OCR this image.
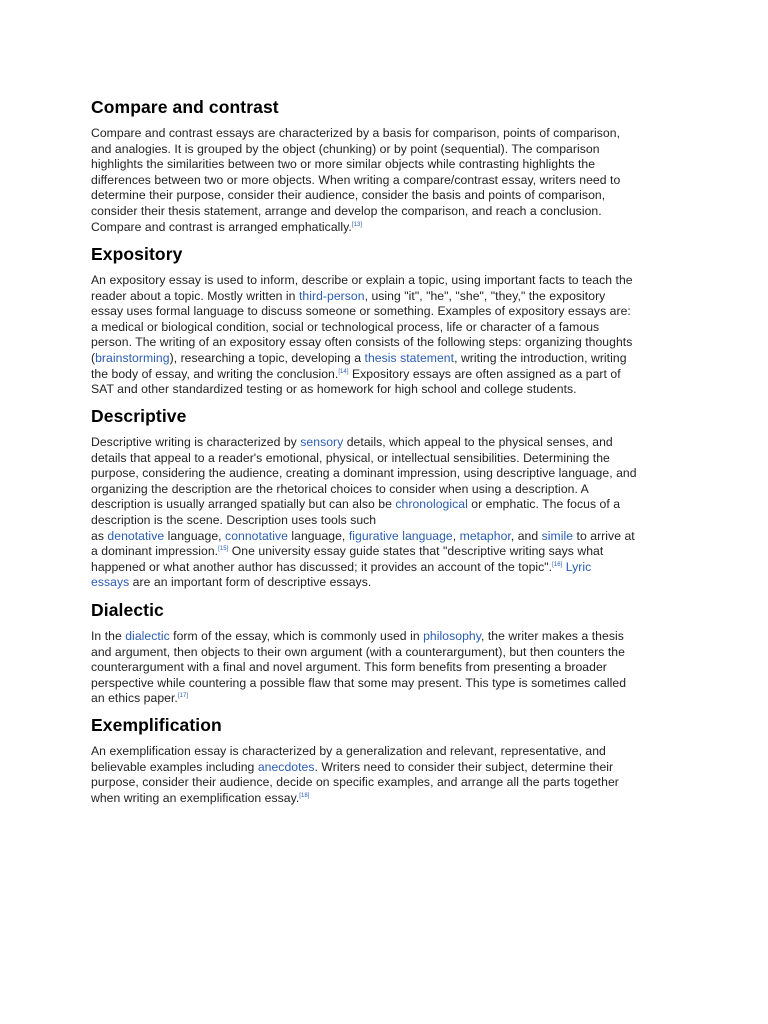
Compare and contrast

Compare and contrast essays are characterized by a basis for comparison, points of comparison,
and analogies. It is grouped by the object (chunking) or by point (sequential). The comparison
highlights the similarities between two or more similar objects while contrasting highlights the
differences between two or more objects. When writing a compare/contrast essay, writers need to
determine their purpose, consider their audience, consider the basis and points of comparison,
consider their thesis statement, arrange and develop the comparison, and reach a conclusion.
Compare and contrast is arranged emphatically.[13]

Expository

An expository essay is used to inform, describe or explain a topic, using important facts to teach the
reader about a topic. Mostly written in third-person, using "it", "he", "she", "they," the expository
essay uses formal language to discuss someone or something. Examples of expository essays are:
a medical or biological condition, social or technological process, life or character of a famous
person. The writing of an expository essay often consists of the following steps: organizing thoughts
(brainstorming), researching a topic, developing a thesis statement, writing the introduction, writing
the body of essay, and writing the conclusion.[14] Expository essays are often assigned as a part of
SAT and other standardized testing or as homework for high school and college students.

Descriptive

Descriptive writing is characterized by sensory details, which appeal to the physical senses, and
details that appeal to a reader's emotional, physical, or intellectual sensibilities. Determining the
purpose, considering the audience, creating a dominant impression, using descriptive language, and
organizing the description are the rhetorical choices to consider when using a description. A
description is usually arranged spatially but can also be chronological or emphatic. The focus of a
description is the scene. Description uses tools such
as denotative language, connotative language, figurative language, metaphor, and simile to arrive at
a dominant impression.[15] One university essay guide states that "descriptive writing says what
happened or what another author has discussed; it provides an account of the topic".[16] Lyric
essays are an important form of descriptive essays.

Dialectic

In the dialectic form of the essay, which is commonly used in philosophy, the writer makes a thesis
and argument, then objects to their own argument (with a counterargument), but then counters the
counterargument with a final and novel argument. This form benefits from presenting a broader
perspective while countering a possible flaw that some may present. This type is sometimes called
an ethics paper.[17]

Exemplification

An exemplification essay is characterized by a generalization and relevant, representative, and
believable examples including anecdotes. Writers need to consider their subject, determine their
purpose, consider their audience, decide on specific examples, and arrange all the parts together
when writing an exemplification essay.[18]
